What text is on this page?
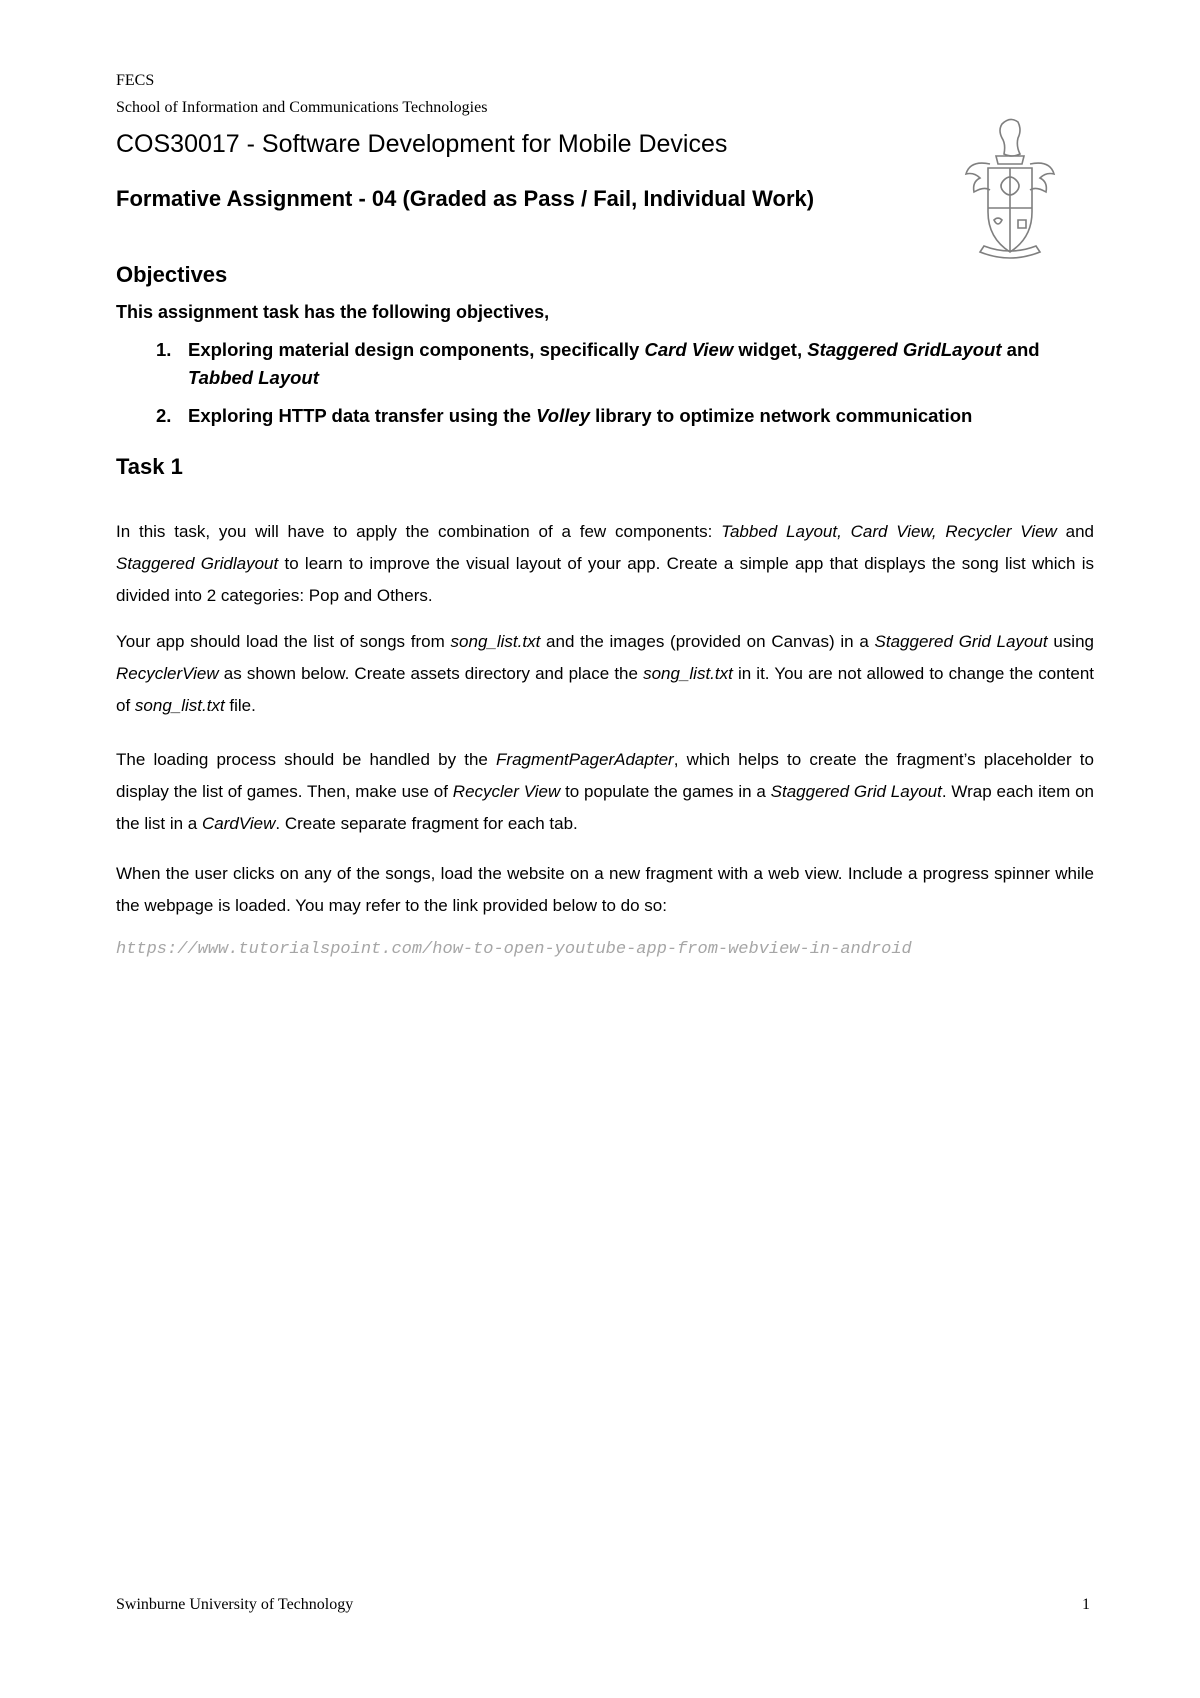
FECS
School of Information and Communications Technologies
COS30017 - Software Development for Mobile Devices
Formative Assignment - 04 (Graded as Pass / Fail, Individual Work)
Objectives
This assignment task has the following objectives,
1. Exploring material design components, specifically Card View widget, Staggered GridLayout and Tabbed Layout
2. Exploring HTTP data transfer using the Volley library to optimize network communication
Task 1
In this task, you will have to apply the combination of a few components: Tabbed Layout, Card View, Recycler View and Staggered Gridlayout to learn to improve the visual layout of your app. Create a simple app that displays the song list which is divided into 2 categories: Pop and Others.
Your app should load the list of songs from song_list.txt and the images (provided on Canvas) in a Staggered Grid Layout using RecyclerView as shown below. Create assets directory and place the song_list.txt in it. You are not allowed to change the content of song_list.txt file.
The loading process should be handled by the FragmentPagerAdapter, which helps to create the fragment’s placeholder to display the list of games. Then, make use of Recycler View to populate the games in a Staggered Grid Layout. Wrap each item on the list in a CardView. Create separate fragment for each tab.
When the user clicks on any of the songs, load the website on a new fragment with a web view. Include a progress spinner while the webpage is loaded. You may refer to the link provided below to do so:
https://www.tutorialspoint.com/how-to-open-youtube-app-from-webview-in-android
Swinburne University of Technology	1
